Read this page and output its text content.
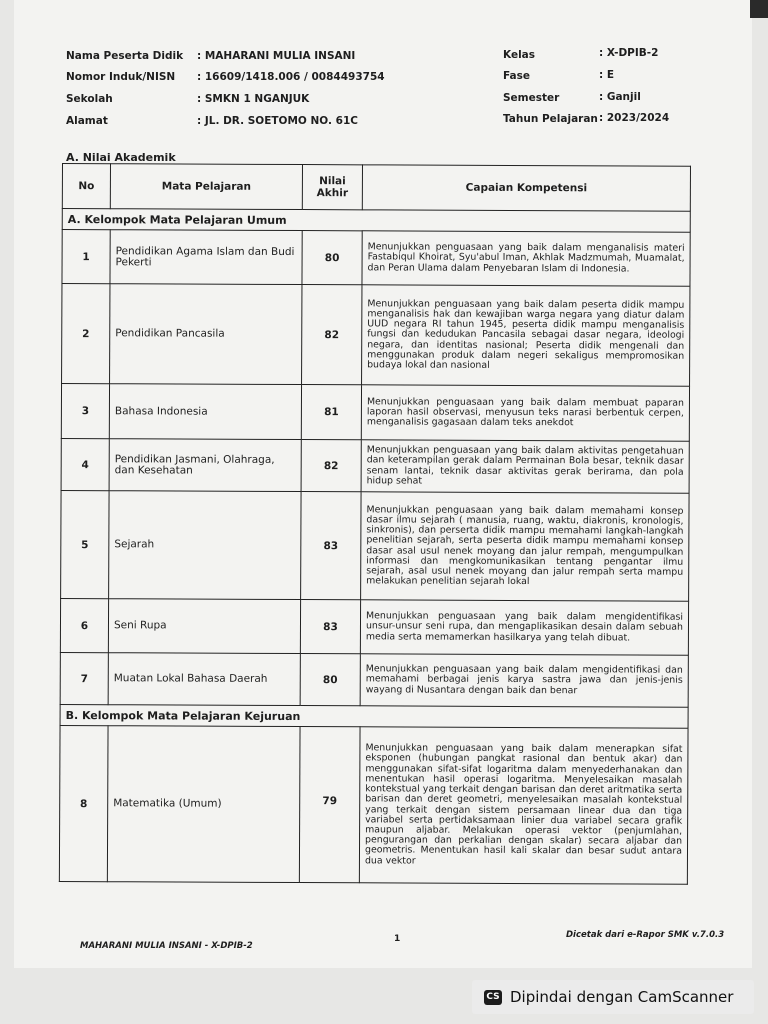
Nama Peserta Didik : MAHARANI MULIA INSANI
Nomor Induk/NISN : 16609/1418.006 / 0084493754
Sekolah	: SMKN 1 NGANJUK
Alamat	: JL. DR. SOETOMO NO. 61C
Kelas	: X-DPIB-2
Fase	: E
Semester	: Ganjil
Tahun Pelajaran : 2023/2024
A. Nilai Akademik
No	Mata Pelajaran	Nilai Akhir	Capaian Kompetensi
A. Kelompok Mata Pelajaran Umum			
1	Pendidikan Agama Islam dan Budi Pekerti	80	Menunjukkan penguasaan yang baik dalam menganalisis materi Fastabiqul Khoirat, Syu'abul Iman, Akhlak Madzmumah, Muamalat, dan Peran Ulama dalam Penyebaran Islam di Indonesia.
2	Pendidikan Pancasila	82	Menunjukkan penguasaan yang baik dalam peserta didik mampu menganalisis hak dan kewajiban warga negara yang diatur dalam UUD negara RI tahun 1945, peserta didik mampu menganalisis fungsi dan kedudukan Pancasila sebagai dasar negara, ideologi negara, dan identitas nasional; Peserta didik mengenali dan menggunakan produk dalam negeri sekaligus mempromosikan budaya lokal dan nasional
3	Bahasa Indonesia	81	Menunjukkan penguasaan yang baik dalam membuat paparan laporan hasil observasi, menyusun teks narasi berbentuk cerpen, menganalisis gagasaan dalam teks anekdot
4	Pendidikan Jasmani, Olahraga, dan Kesehatan	82	Menunjukkan penguasaan yang baik dalam aktivitas pengetahuan dan keterampilan gerak dalam Permainan Bola besar, teknik dasar senam lantai, teknik dasar aktivitas gerak berirama, dan pola hidup sehat
5	Sejarah	83	Menunjukkan penguasaan yang baik dalam memahami konsep dasar ilmu sejarah ( manusia, ruang, waktu, diakronis, kronologis, sinkronis), dan perserta didik mampu memahami langkah-langkah penelitian sejarah, serta peserta didik mampu memahami konsep dasar asal usul nenek moyang dan jalur rempah, mengumpulkan informasi dan mengkomunikasikan tentang pengantar ilmu sejarah, asal usul nenek moyang dan jalur rempah serta mampu melakukan penelitian sejarah lokal
6	Seni Rupa	83	Menunjukkan penguasaan yang baik dalam mengidentifikasi unsur-unsur seni rupa, dan mengaplikasikan desain dalam sebuah media serta memamerkan hasilkarya yang telah dibuat.
7	Muatan Lokal Bahasa Daerah	80	Menunjukkan penguasaan yang baik dalam mengidentifikasi dan memahami berbagai jenis karya sastra jawa dan jenis-jenis wayang di Nusantara dengan baik dan benar
B. Kelompok Mata Pelajaran Kejuruan			
8	Matematika (Umum)	79	Menunjukkan penguasaan yang baik dalam menerapkan sifat eksponen (hubungan pangkat rasional dan bentuk akar) dan menggunakan sifat-sifat logaritma dalam menyederhanakan dan menentukan hasil operasi logaritma. Menyelesaikan masalah kontekstual yang terkait dengan barisan dan deret aritmatika serta barisan dan deret geometri, menyelesaikan masalah kontekstual yang terkait dengan sistem persamaan linear dua dan tiga variabel serta pertidaksamaan linier dua variabel secara grafik maupun aljabar. Melakukan operasi vektor (penjumlahan, pengurangan dan perkalian dengan skalar) secara aljabar dan geometris. Menentukan hasil kali skalar dan besar sudut antara dua vektor
MAHARANI MULIA INSANI - X-DPIB-2
1	Dicetak dari e-Rapor SMK v.7.0.3
CS Dipindai dengan CamScanner
